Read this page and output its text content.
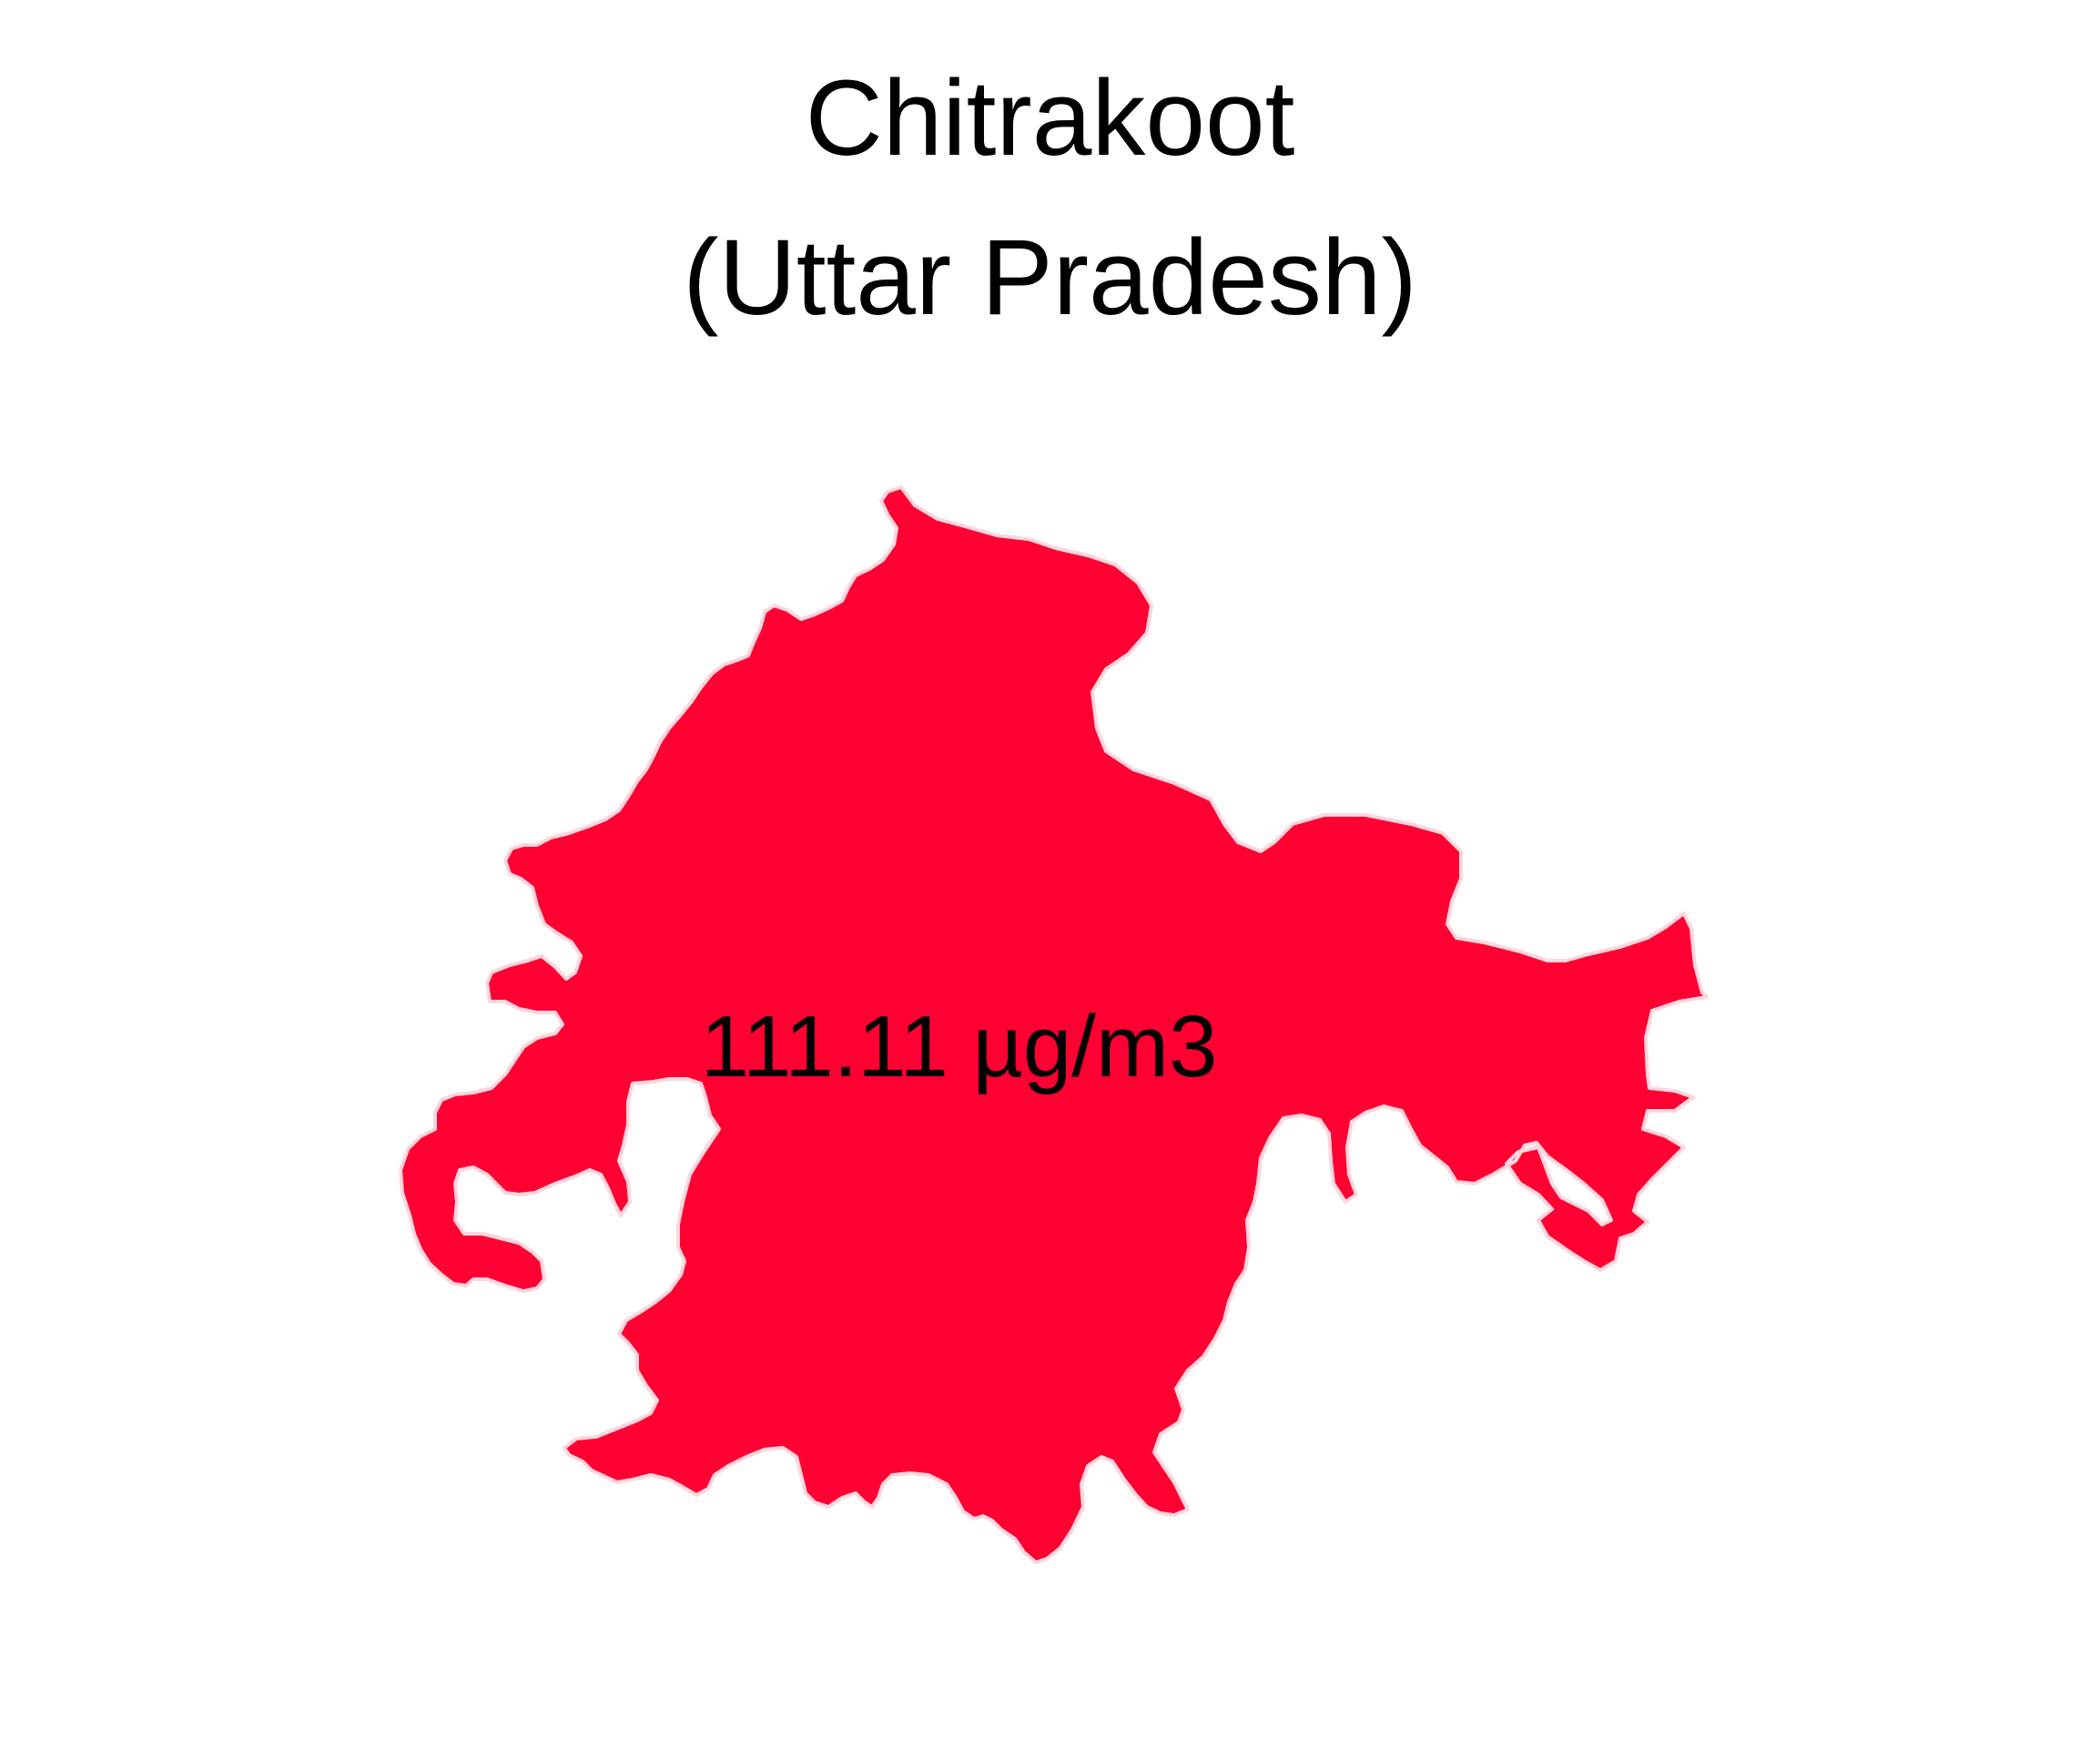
Chitrakoot
(Uttar Pradesh)
111.11 µg/m3
